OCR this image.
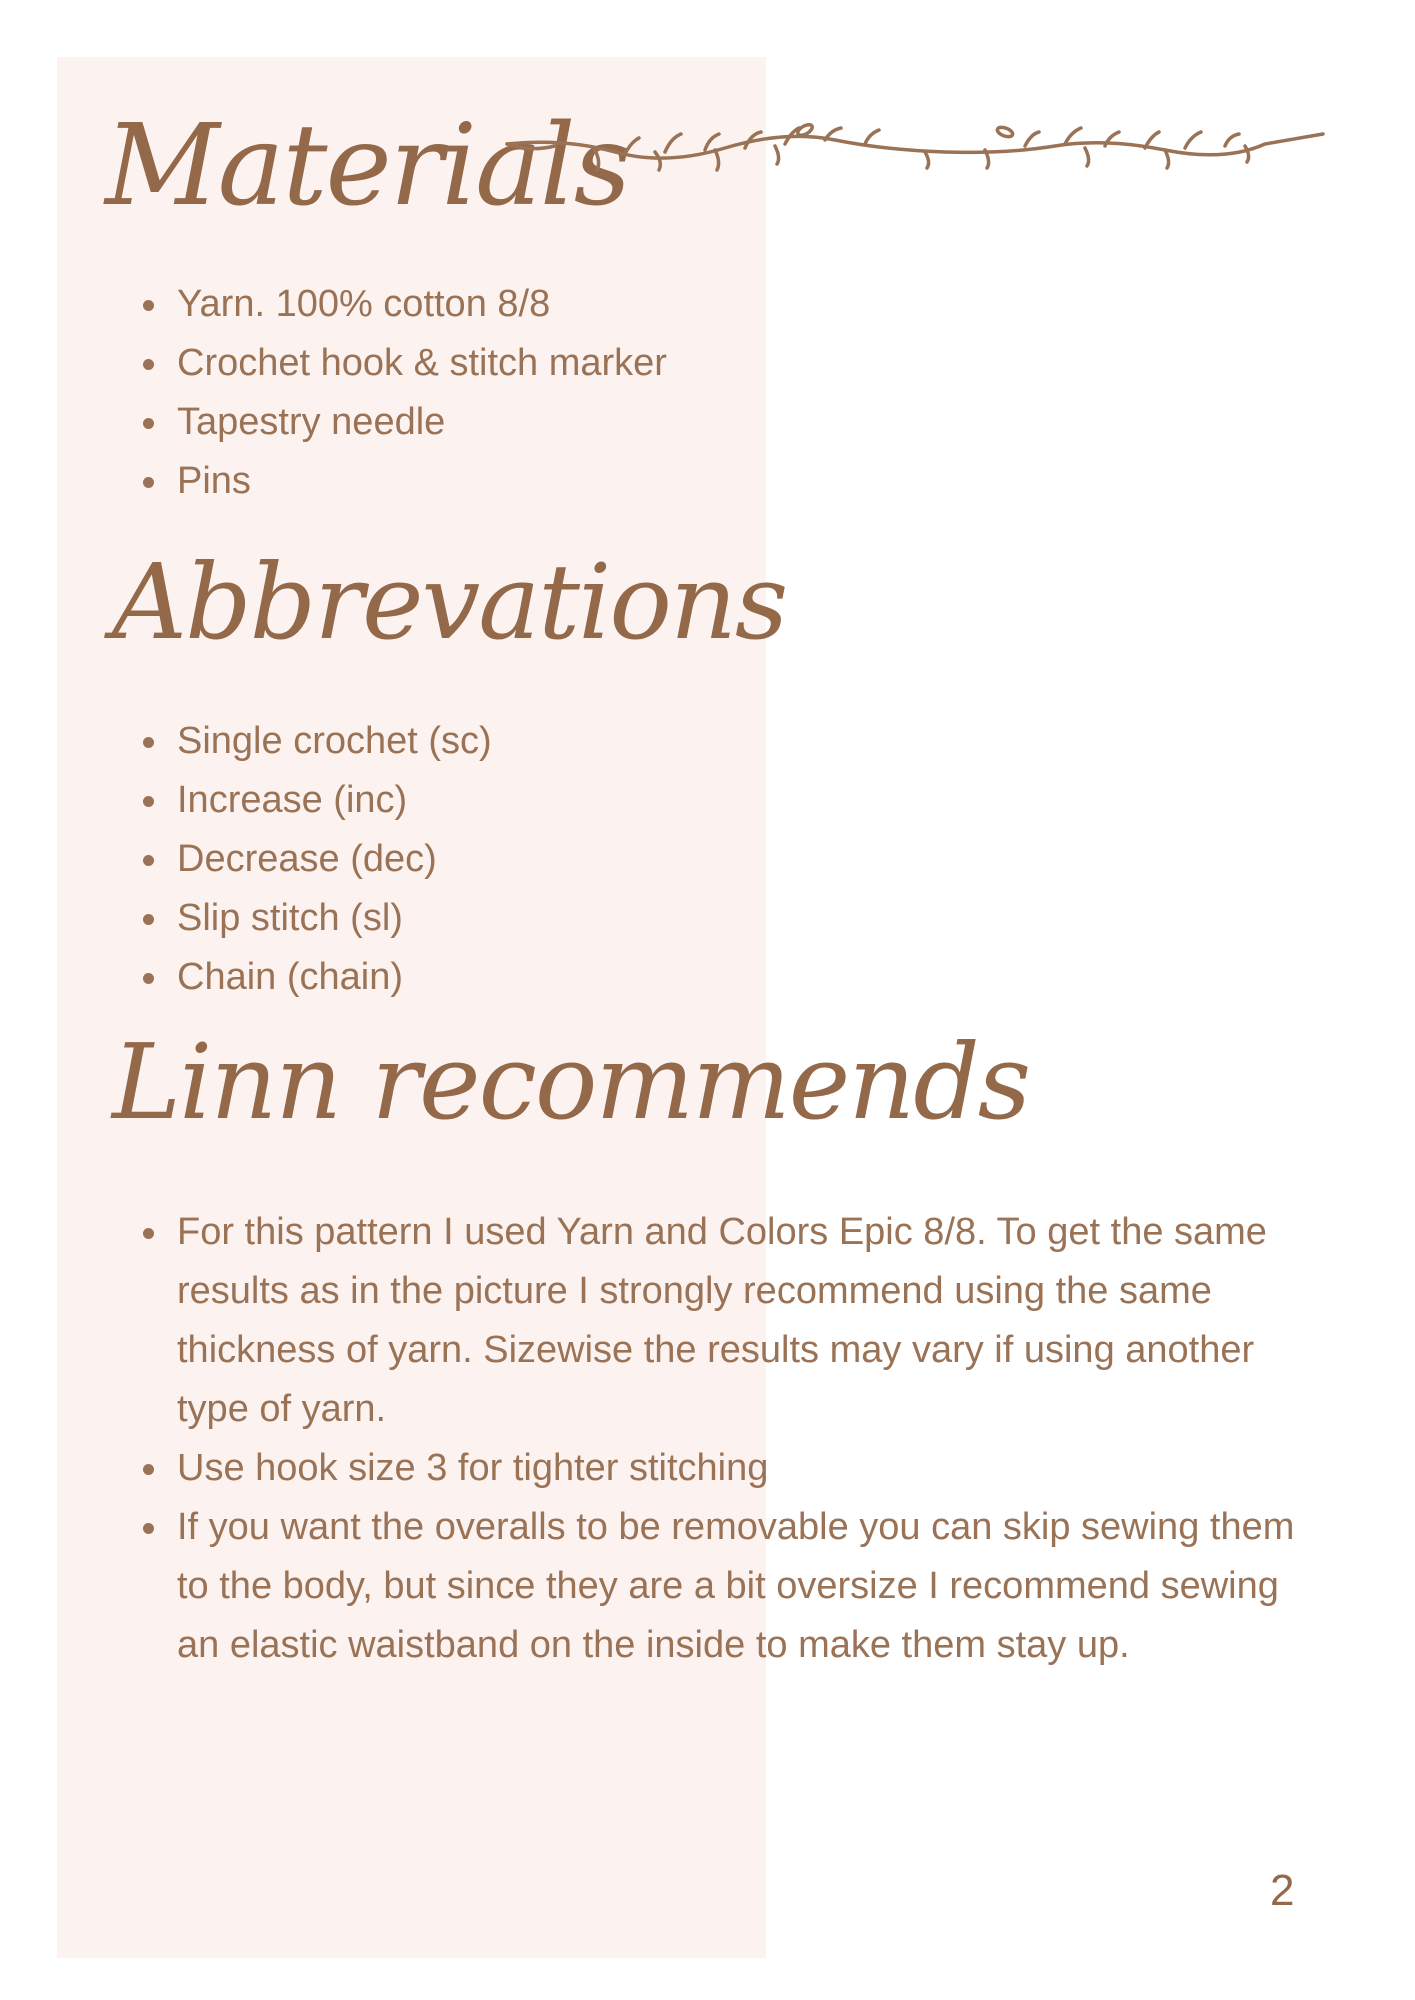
Materials
Yarn. 100% cotton 8/8
Crochet hook & stitch marker
Tapestry needle
Pins
Abbrevations
Single crochet (sc)
Increase (inc)
Decrease (dec)
Slip stitch (sl)
Chain (chain)
Linn recommends
For this pattern I used Yarn and Colors Epic 8/8. To get the same results as in the picture I strongly recommend using the same thickness of yarn. Sizewise the results may vary if using another type of yarn.
Use hook size 3 for tighter stitching
If you want the overalls to be removable you can skip sewing them to the body, but since they are a bit oversize I recommend sewing an elastic waistband on the inside to make them stay up.
2
